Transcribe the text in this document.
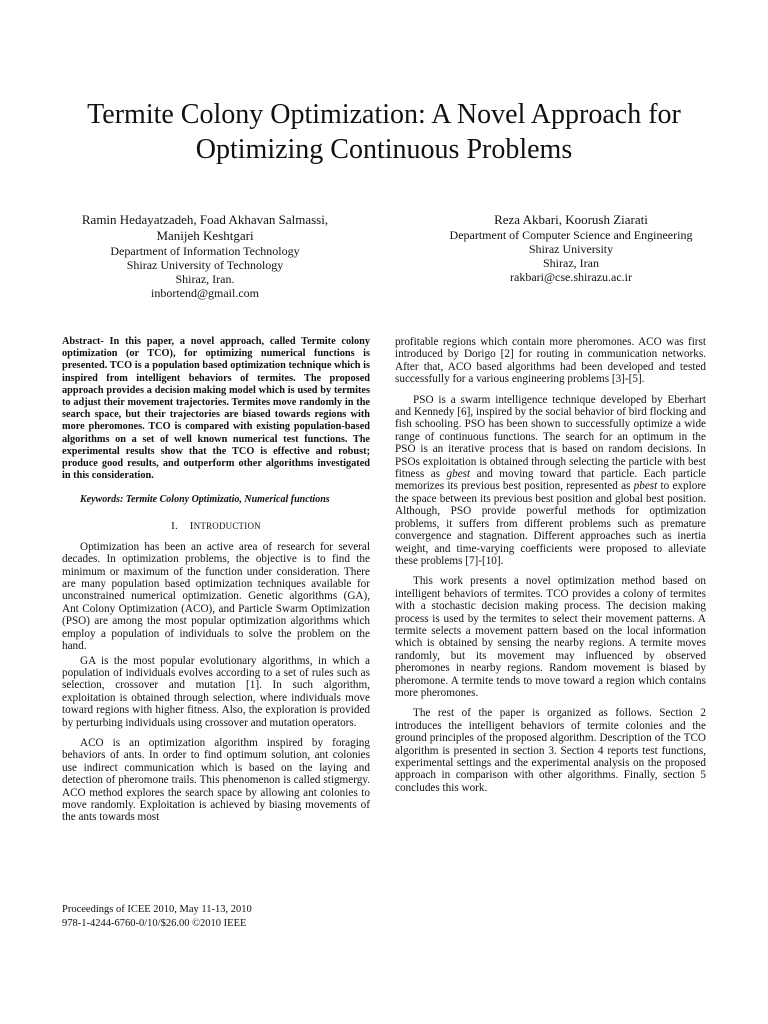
Termite Colony Optimization: A Novel Approach for Optimizing Continuous Problems
Ramin Hedayatzadeh, Foad Akhavan Salmassi,
Manijeh Keshtgari
Department of Information Technology
Shiraz University of Technology
Shiraz, Iran.
inbortend@gmail.com
Reza Akbari, Koorush Ziarati
Department of Computer Science and Engineering
Shiraz University
Shiraz, Iran
rakbari@cse.shirazu.ac.ir

Abstract- In this paper, a novel approach, called Termite colony optimization (or TCO), for optimizing numerical functions is presented. TCO is a population based optimization technique which is inspired from intelligent behaviors of termites. The proposed approach provides a decision making model which is used by termites to adjust their movement trajectories. Termites move randomly in the search space, but their trajectories are biased towards regions with more pheromones. TCO is compared with existing population-based algorithms on a set of well known numerical test functions. The experimental results show that the TCO is effective and robust; produce good results, and outperform other algorithms investigated in this consideration.

Keywords: Termite Colony Optimizatio, Numerical functions

I. INTRODUCTION

Optimization has been an active area of research for several decades. In optimization problems, the objective is to find the minimum or maximum of the function under consideration. There are many population based optimization techniques available for unconstrained numerical optimization. Genetic algorithms (GA), Ant Colony Optimization (ACO), and Particle Swarm Optimization (PSO) are among the most popular optimization algorithms which employ a population of individuals to solve the problem on the hand.

GA is the most popular evolutionary algorithms, in which a population of individuals evolves according to a set of rules such as selection, crossover and mutation [1]. In such algorithm, exploitation is obtained through selection, where individuals move toward regions with higher fitness. Also, the exploration is provided by perturbing individuals using crossover and mutation operators.

ACO is an optimization algorithm inspired by foraging behaviors of ants. In order to find optimum solution, ant colonies use indirect communication which is based on the laying and detection of pheromone trails. This phenomenon is called stigmergy. ACO method explores the search space by allowing ant colonies to move randomly. Exploitation is achieved by biasing movements of the ants towards most

profitable regions which contain more pheromones. ACO was first introduced by Dorigo [2] for routing in communication networks. After that, ACO based algorithms had been developed and tested successfully for a various engineering problems [3]-[5].

PSO is a swarm intelligence technique developed by Eberhart and Kennedy [6], inspired by the social behavior of bird flocking and fish schooling. PSO has been shown to successfully optimize a wide range of continuous functions. The search for an optimum in the PSO is an iterative process that is based on random decisions. In PSOs exploitation is obtained through selecting the particle with best fitness as gbest and moving toward that particle. Each particle memorizes its previous best position, represented as pbest to explore the space between its previous best position and global best position. Although, PSO provide powerful methods for optimization problems, it suffers from different problems such as premature convergence and stagnation. Different approaches such as inertia weight, and time-varying coefficients were proposed to alleviate these problems [7]-[10].

This work presents a novel optimization method based on intelligent behaviors of termites. TCO provides a colony of termites with a stochastic decision making process. The decision making process is used by the termites to select their movement patterns. A termite selects a movement pattern based on the local information which is obtained by sensing the nearby regions. A termite moves randomly, but its movement may influenced by observed pheromones in nearby regions. Random movement is biased by pheromone. A termite tends to move toward a region which contains more pheromones.

The rest of the paper is organized as follows. Section 2 introduces the intelligent behaviors of termite colonies and the ground principles of the proposed algorithm. Description of the TCO algorithm is presented in section 3. Section 4 reports test functions, experimental settings and the experimental analysis on the proposed approach in comparison with other algorithms. Finally, section 5 concludes this work.

Proceedings of ICEE 2010, May 11-13, 2010
978-1-4244-6760-0/10/$26.00 ©2010 IEEE
